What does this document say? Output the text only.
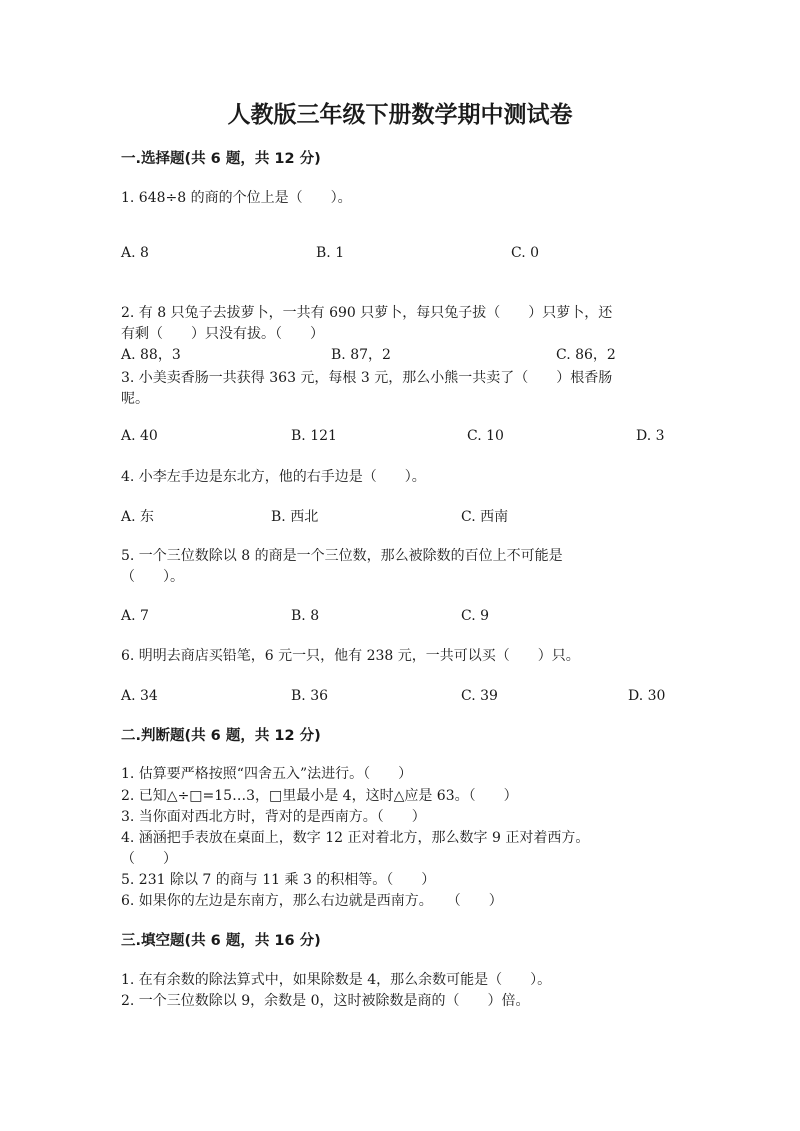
人教版三年级下册数学期中测试卷
一.选择题(共 6 题，共 12 分)
1. 648÷8 的商的个位上是（　　）。
A. 8	B. 1	C. 0
2. 有 8 只兔子去拔萝卜，一共有 690 只萝卜，每只兔子拔（　　）只萝卜，还
有剩（　　）只没有拔。（　　）
A. 88，3	B. 87，2	C. 86，2
3. 小美卖香肠一共获得 363 元，每根 3 元，那么小熊一共卖了（　　）根香肠
呢。
A. 40	B. 121	C. 10	D. 3
4. 小李左手边是东北方，他的右手边是（　　）。
A. 东	B. 西北	C. 西南
5. 一个三位数除以 8 的商是一个三位数，那么被除数的百位上不可能是
（　　）。
A. 7	B. 8	C. 9
6. 明明去商店买铅笔，6 元一只，他有 238 元，一共可以买（　　）只。
A. 34	B. 36	C. 39	D. 30
二.判断题(共 6 题，共 12 分)
1. 估算要严格按照“四舍五入”法进行。（　　）
2. 已知△÷□=15…3，□里最小是 4，这时△应是 63。（　　）
3. 当你面对西北方时，背对的是西南方。（　　）
4. 涵涵把手表放在桌面上，数字 12 正对着北方，那么数字 9 正对着西方。
（　　）
5. 231 除以 7 的商与 11 乘 3 的积相等。（　　）
6. 如果你的左边是东南方，那么右边就是西南方。　　（　　）
三.填空题(共 6 题，共 16 分)
1. 在有余数的除法算式中，如果除数是 4，那么余数可能是（　　）。
2. 一个三位数除以 9，余数是 0，这时被除数是商的（　　）倍。
